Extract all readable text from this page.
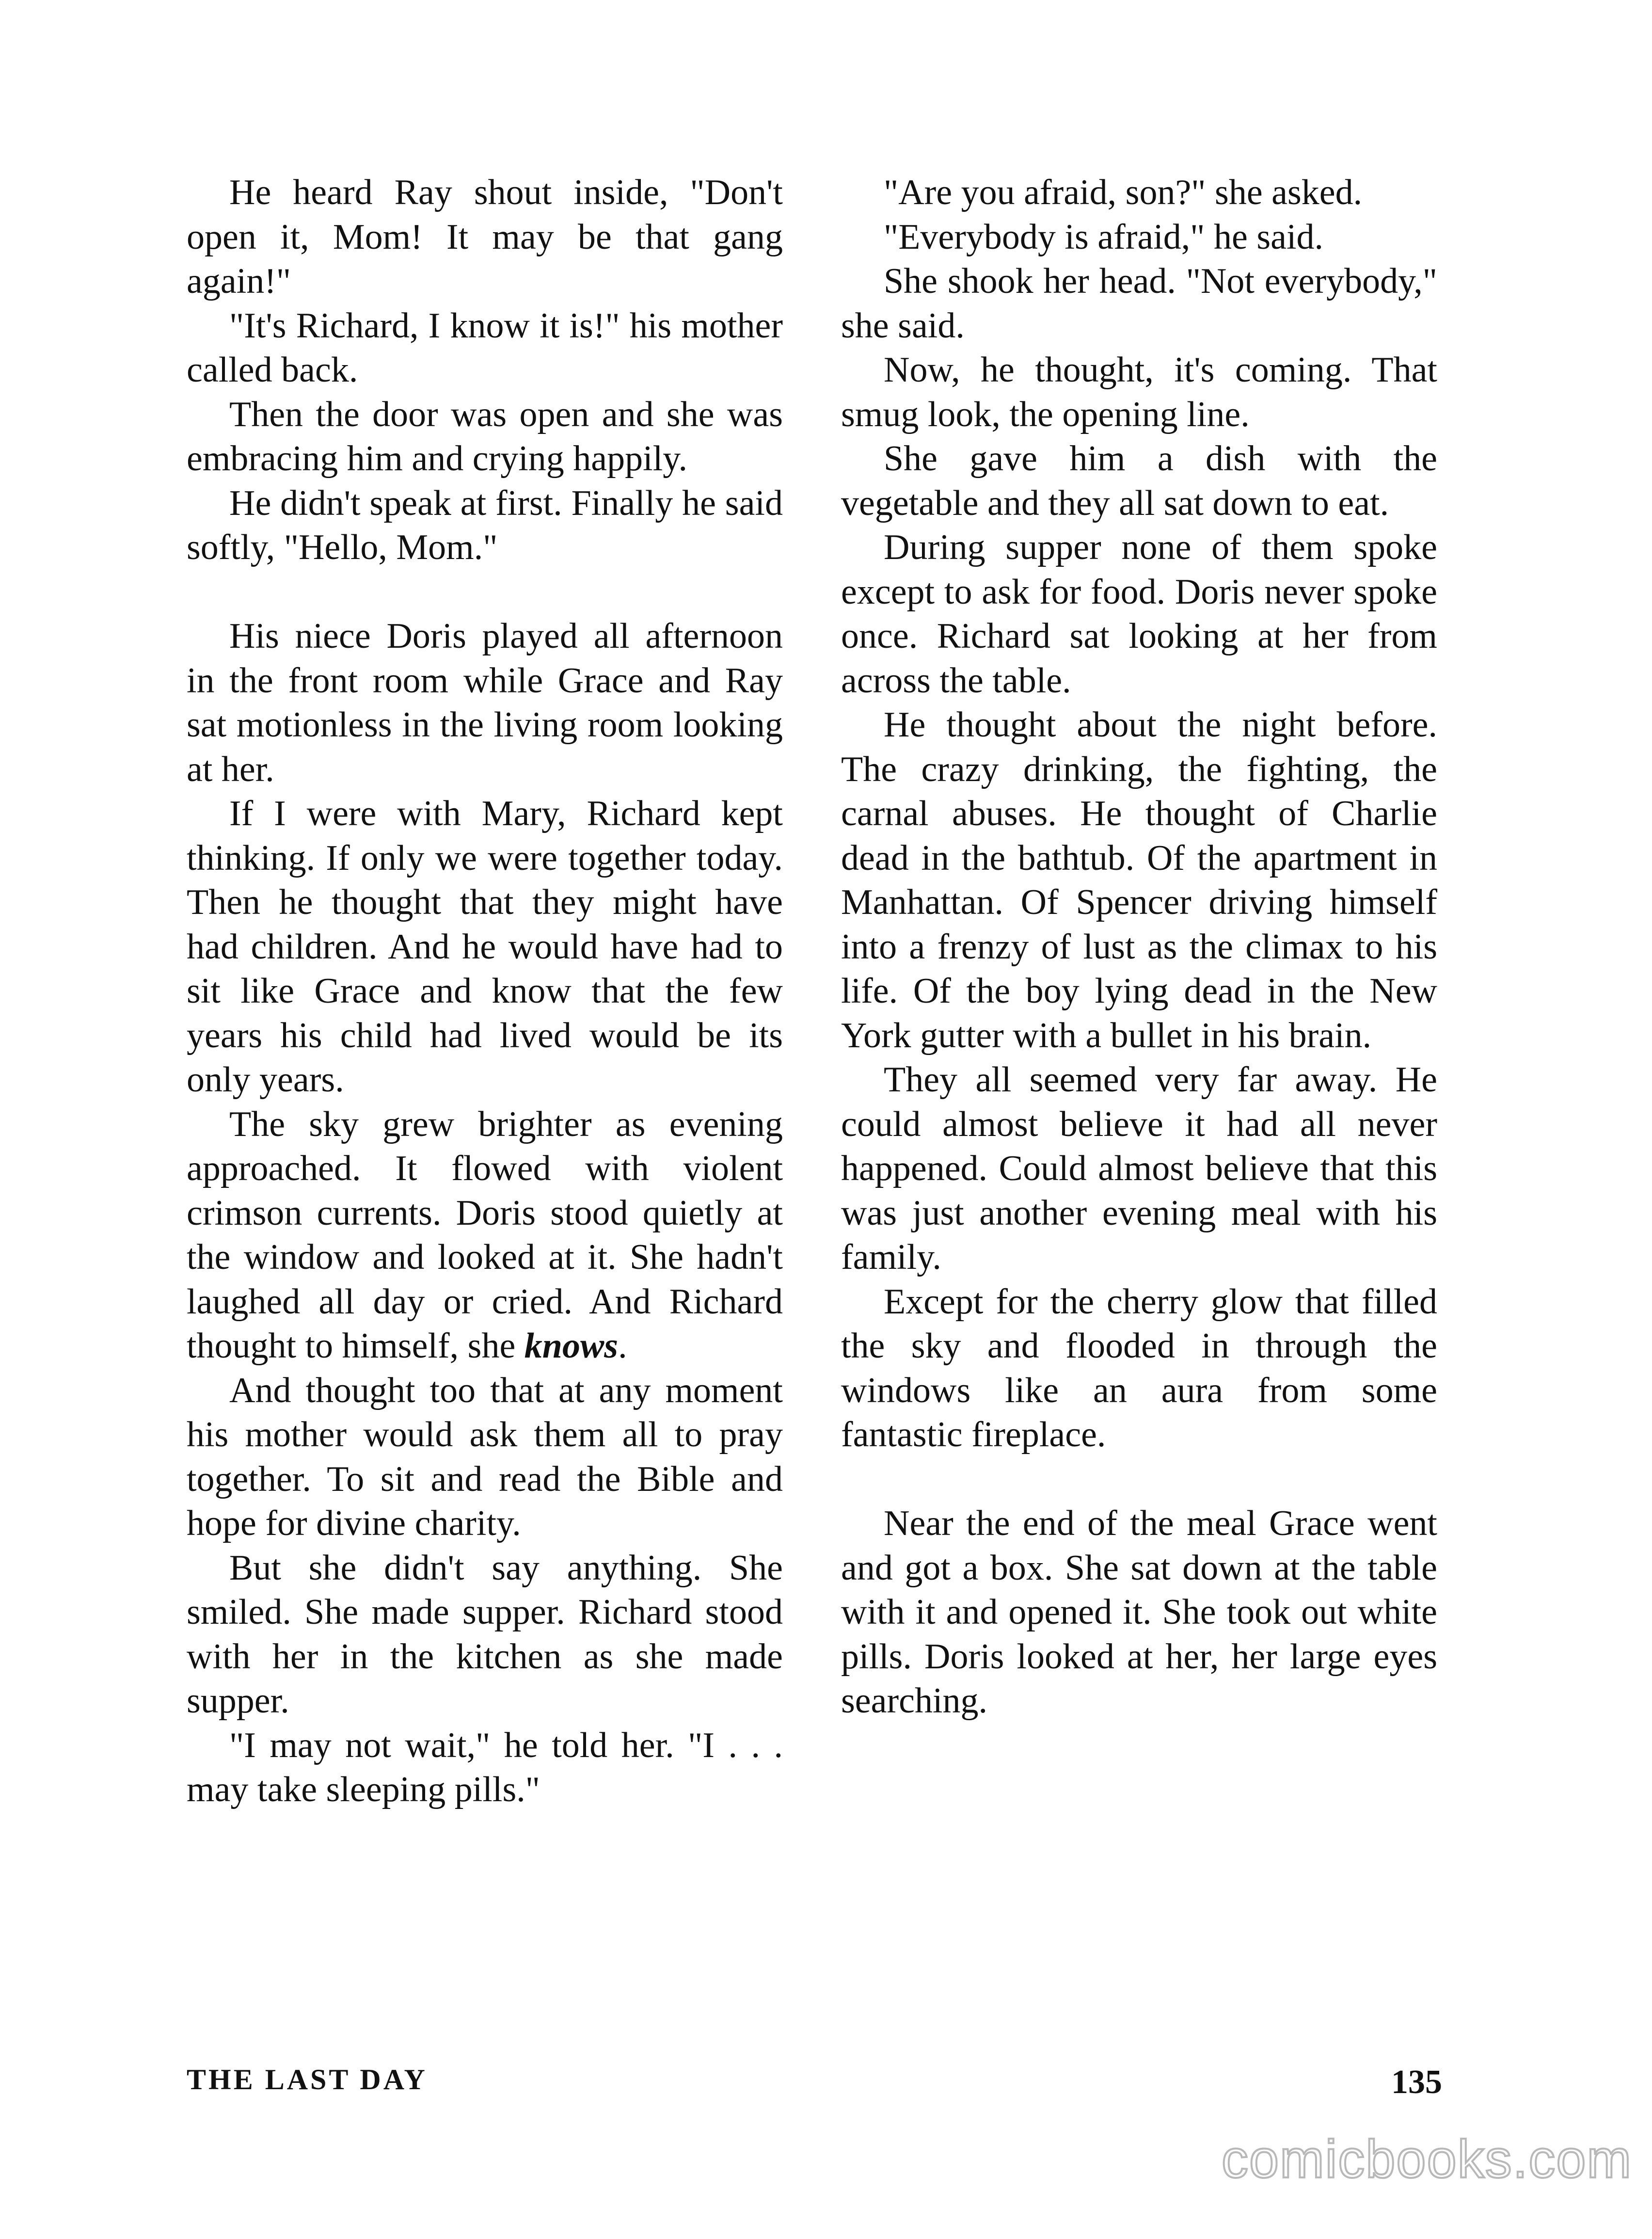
He heard Ray shout inside, "Don't open it, Mom! It may be that gang again!"

"It's Richard, I know it is!" his mother called back.

Then the door was open and she was embracing him and crying happily.

He didn't speak at first. Finally he said softly, "Hello, Mom."

His niece Doris played all afternoon in the front room while Grace and Ray sat motionless in the living room looking at her.

If I were with Mary, Richard kept thinking. If only we were together today. Then he thought that they might have had children. And he would have had to sit like Grace and know that the few years his child had lived would be its only years.

The sky grew brighter as evening approached. It flowed with violent crimson currents. Doris stood quietly at the window and looked at it. She hadn't laughed all day or cried. And Richard thought to himself, she knows.

And thought too that at any moment his mother would ask them all to pray together. To sit and read the Bible and hope for divine charity.

But she didn't say anything. She smiled. She made supper. Richard stood with her in the kitchen as she made supper.

"I may not wait," he told her. "I . . . may take sleeping pills."

"Are you afraid, son?" she asked.

"Everybody is afraid," he said.

She shook her head. "Not everybody," she said.

Now, he thought, it's coming. That smug look, the opening line.

She gave him a dish with the vegetable and they all sat down to eat.

During supper none of them spoke except to ask for food. Doris never spoke once. Richard sat looking at her from across the table.

He thought about the night before. The crazy drinking, the fighting, the carnal abuses. He thought of Charlie dead in the bathtub. Of the apartment in Manhattan. Of Spencer driving himself into a frenzy of lust as the climax to his life. Of the boy lying dead in the New York gutter with a bullet in his brain.

They all seemed very far away. He could almost believe it had all never happened. Could almost believe that this was just another evening meal with his family.

Except for the cherry glow that filled the sky and flooded in through the windows like an aura from some fantastic fireplace.

Near the end of the meal Grace went and got a box. She sat down at the table with it and opened it. She took out white pills. Doris looked at her, her large eyes searching.

THE LAST DAY	135
comicbooks.com
